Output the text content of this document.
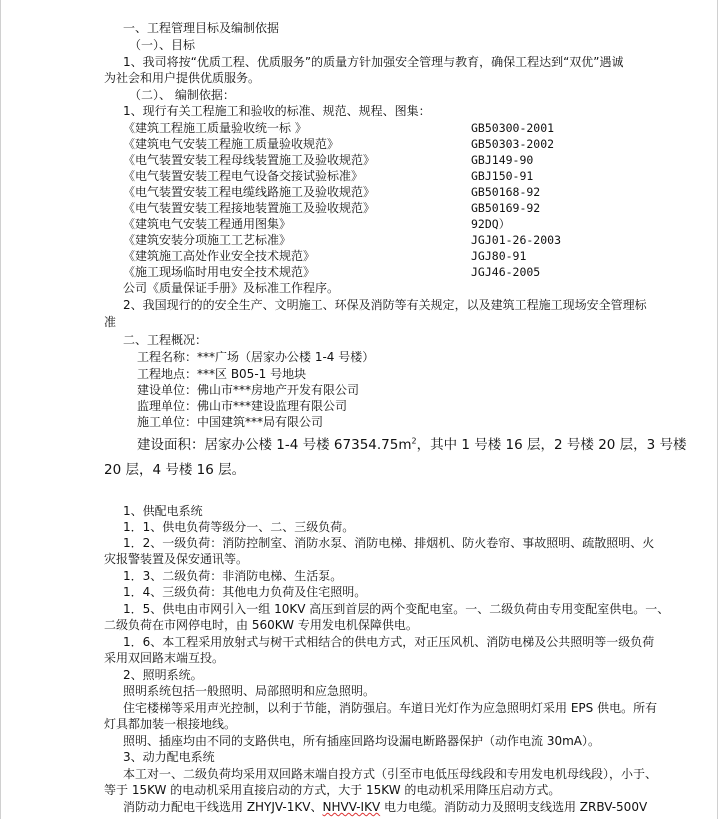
一、工程管理目标及编制依据
（一）、目标
1、我司将按“优质工程、优质服务”的质量方针加强安全管理与教育，确保工程达到“双优”遇诚
为社会和用户提供优质服务。
（二）、 编制依据：
1、现行有关工程施工和验收的标准、规范、规程、图集：
《建筑工程施工质量验收统一标 》	GB50300-2001
《建筑电气安装工程施工质量验收规范》	GB50303-2002
《电气装置安装工程母线装置施工及验收规范》	GBJ149-90
《电气装置安装工程电气设备交接试验标准》	GBJ150-91
《电气装置安装工程电缆线路施工及验收规范》	GB50168-92
《电气装置安装工程接地装置施工及验收规范》	GB50169-92
《建筑电气安装工程通用图集》	92DQ）
《建筑安装分项施工工艺标准》	JGJ01-26-2003
《建筑施工高处作业安全技术规范》	JGJ80-91
《施工现场临时用电安全技术规范》	JGJ46-2005
公司《质量保证手册》及标准工作程序。
2、我国现行的的安全生产、文明施工、环保及消防等有关规定，以及建筑工程施工现场安全管理标
准
二、工程概况：
工程名称：***广场（居家办公楼 1-4 号楼）
工程地点：***区 B05-1 号地块
建设单位：佛山市***房地产开发有限公司
监理单位：佛山市***建设监理有限公司
施工单位：中国建筑***局有限公司
建设面积：居家办公楼 1-4 号楼 $67354.75m^2$，其中 1 号楼 16 层，2 号楼 20 层，3 号楼
20 层，4 号楼 16 层。
1、供配电系统
1．1、供电负荷等级分一、二、三级负荷。
1．2、一级负荷：消防控制室、消防水泵、消防电梯、排烟机、防火卷帘、事故照明、疏散照明、火
灾报警装置及保安通讯等。
1．3、二级负荷：非消防电梯、生活泵。
1．4、三级负荷：其他电力负荷及住宅照明。
1．5、供电由市网引入一组 10KV 高压到首层的两个变配电室。一、二级负荷由专用变配室供电。一、
二级负荷在市网停电时，由 560KW 专用发电机保障供电。
1．6、本工程采用放射式与树干式相结合的供电方式，对正压风机、消防电梯及公共照明等一级负荷
采用双回路末端互投。
2、照明系统。
照明系统包括一般照明、局部照明和应急照明。
住宅楼梯等采用声光控制，以利于节能，消防强启。车道日光灯作为应急照明灯采用 EPS 供电。所有
灯具都加装一根接地线。
照明、插座均由不同的支路供电，所有插座回路均设漏电断路器保护（动作电流 30mA）。
3、动力配电系统
本工对一、二级负荷均采用双回路末端自投方式（引至市电低压母线段和专用发电机母线段），小于、
等于 15KW 的电动机采用直接启动的方式，大于 15KW 的电动机采用降压启动方式。
消防动力配电干线选用 ZHYJV-1KV、NHVV-IKV 电力电缆。消防动力及照明支线选用 ZRBV-500V
